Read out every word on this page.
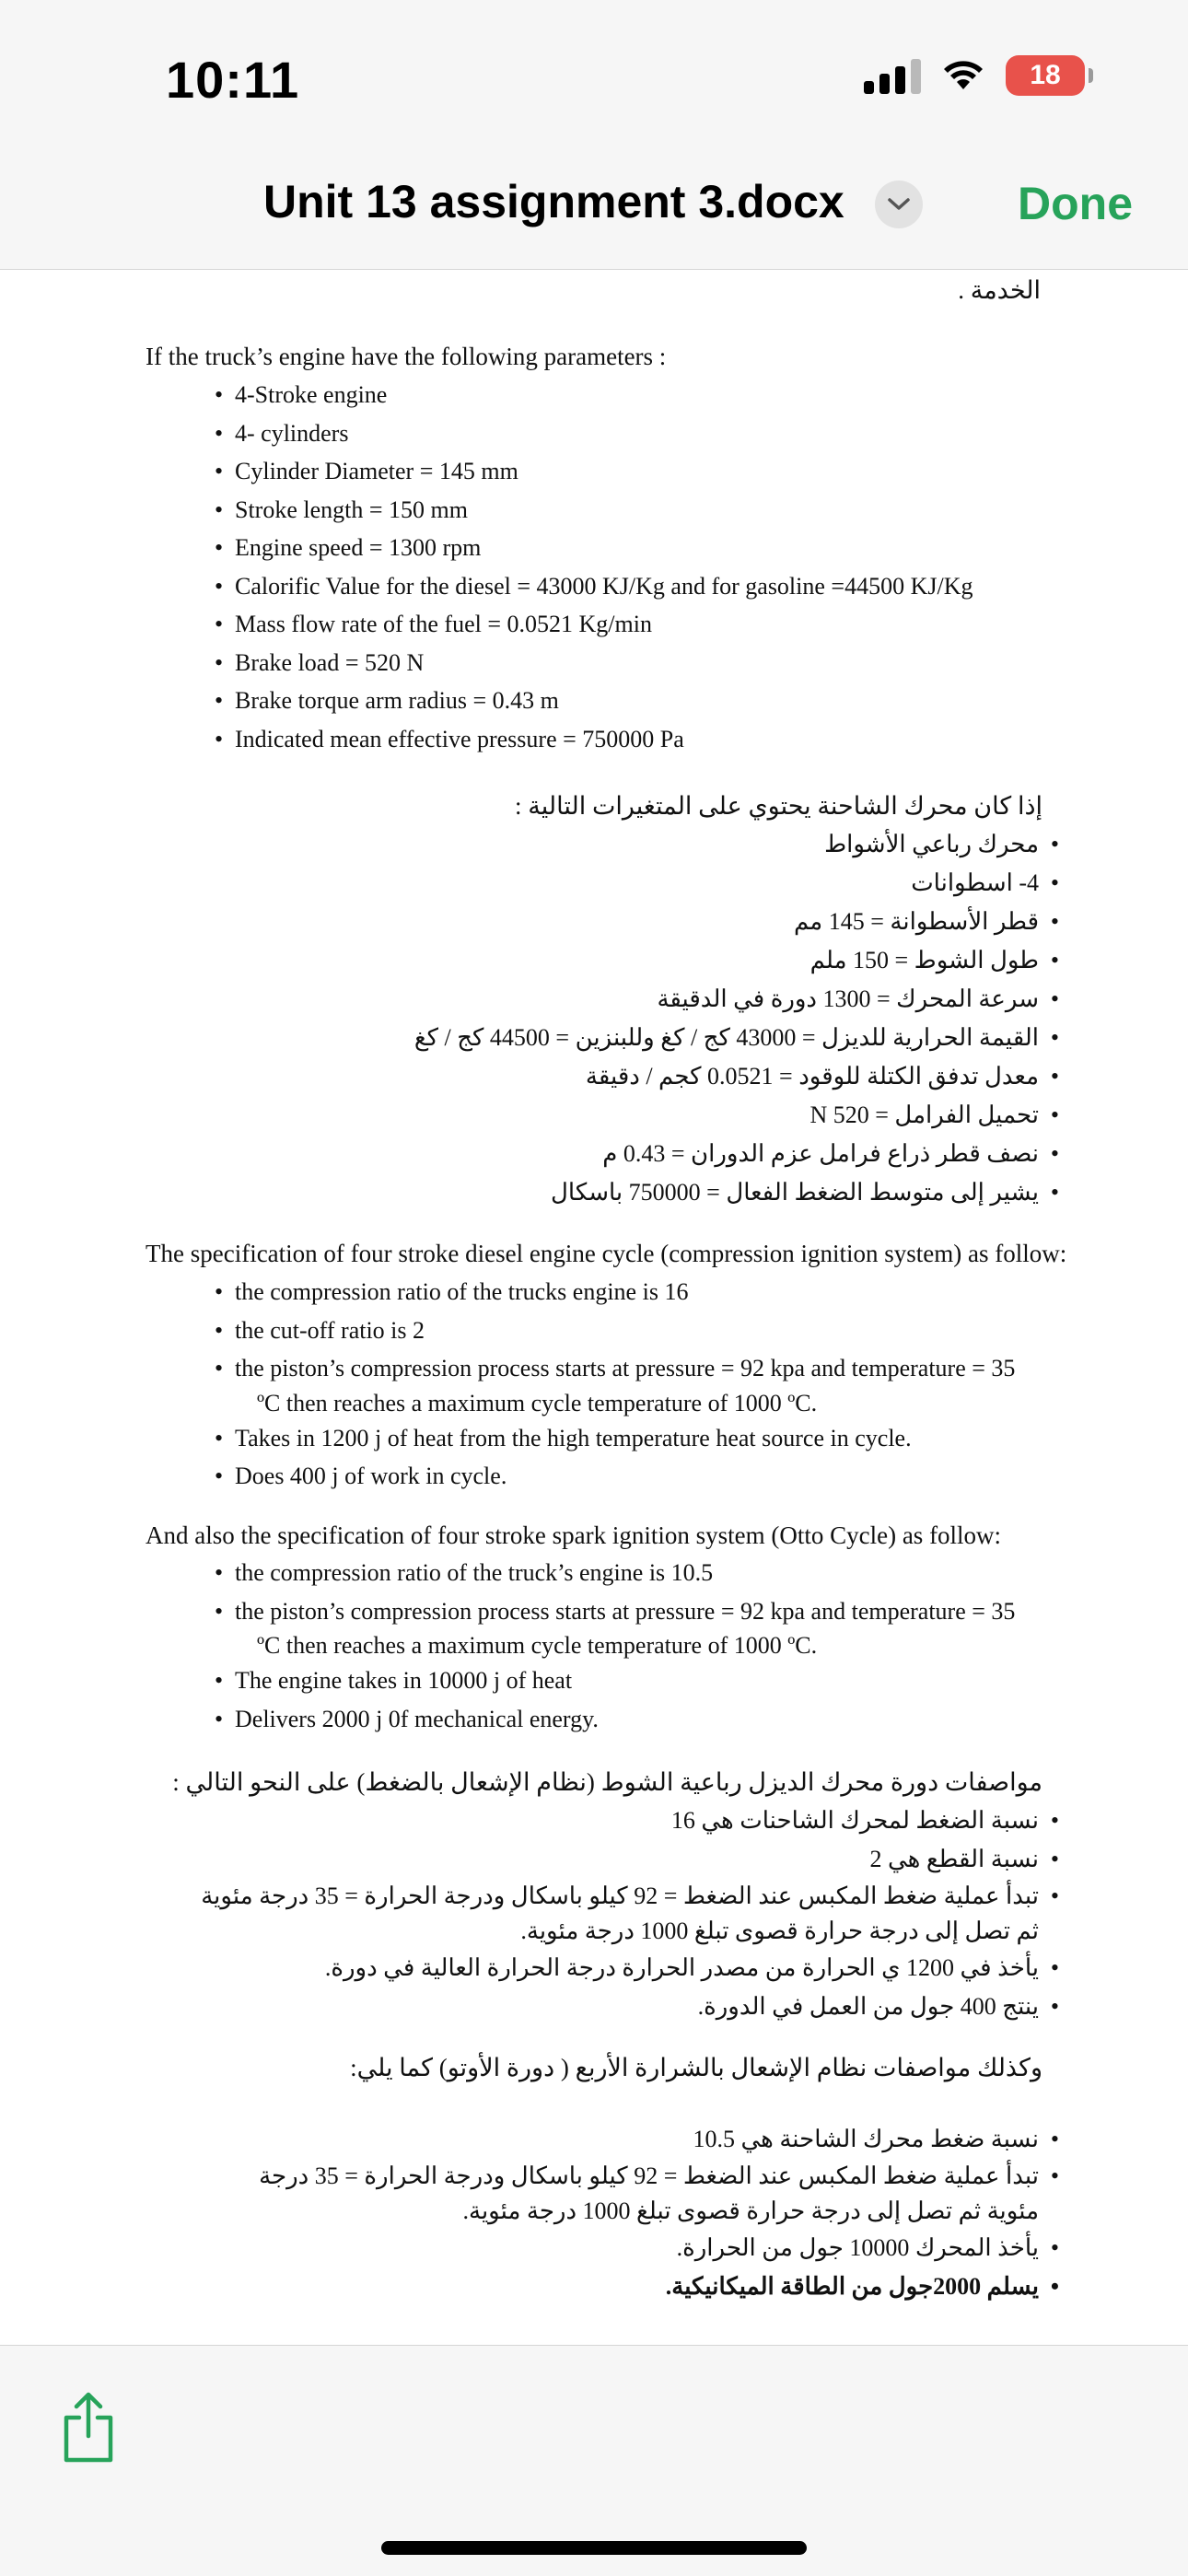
10:11	18
Unit 13 assignment 3.docx	Done
الخدمة .
If the truck’s engine have the following parameters :
• 4-Stroke engine
• 4- cylinders
• Cylinder Diameter = 145 mm
• Stroke length = 150 mm
• Engine speed = 1300 rpm
• Calorific Value for the diesel = 43000 KJ/Kg and for gasoline =44500 KJ/Kg
• Mass flow rate of the fuel = 0.0521 Kg/min
• Brake load = 520 N
• Brake torque arm radius = 0.43 m
• Indicated mean effective pressure = 750000 Pa
إذا كان محرك الشاحنة يحتوي على المتغيرات التالية :
• محرك رباعي الأشواط
• 4- اسطوانات
• قطر الأسطوانة = 145 مم
• طول الشوط = 150 ملم
• سرعة المحرك = 1300 دورة في الدقيقة
• القيمة الحرارية للديزل = 43000 كج / كغ وللبنزين = 44500 كج / كغ
• معدل تدفق الكتلة للوقود = 0.0521 كجم / دقيقة
• تحميل الفرامل = N 520
• نصف قطر ذراع فرامل عزم الدوران = 0.43 م
• يشير إلى متوسط الضغط الفعال = 750000 باسكال
The specification of four stroke diesel engine cycle (compression ignition system) as follow:
• the compression ratio of the trucks engine is 16
• the cut-off ratio is 2
• the piston’s compression process starts at pressure = 92 kpa and temperature = 35
ºC then reaches a maximum cycle temperature of 1000 ºC.
• Takes in 1200 j of heat from the high temperature heat source in cycle.
• Does 400 j of work in cycle.
And also the specification of four stroke spark ignition system (Otto Cycle) as follow:
• the compression ratio of the truck’s engine is 10.5
• the piston’s compression process starts at pressure = 92 kpa and temperature = 35
ºC then reaches a maximum cycle temperature of 1000 ºC.
• The engine takes in 10000 j of heat
• Delivers 2000 j 0f mechanical energy.
مواصفات دورة محرك الديزل رباعية الشوط (نظام الإشعال بالضغط) على النحو التالي :
• نسبة الضغط لمحرك الشاحنات هي 16
• نسبة القطع هي 2
• تبدأ عملية ضغط المكبس عند الضغط = 92 كيلو باسكال ودرجة الحرارة = 35 درجة مئوية ثم تصل إلى درجة حرارة قصوى تبلغ 1000 درجة مئوية.
• يأخذ في 1200 ي الحرارة من مصدر الحرارة درجة الحرارة العالية في دورة.
• ينتج 400 جول من العمل في الدورة.
وكذلك مواصفات نظام الإشعال بالشرارة الأربع ( دورة الأوتو) كما يلي:
• نسبة ضغط محرك الشاحنة هي 10.5
• تبدأ عملية ضغط المكبس عند الضغط = 92 كيلو باسكال ودرجة الحرارة = 35 درجة مئوية ثم تصل إلى درجة حرارة قصوى تبلغ 1000 درجة مئوية.
• يأخذ المحرك 10000 جول من الحرارة.
• يسلم 2000جول من الطاقة الميكانيكية.
